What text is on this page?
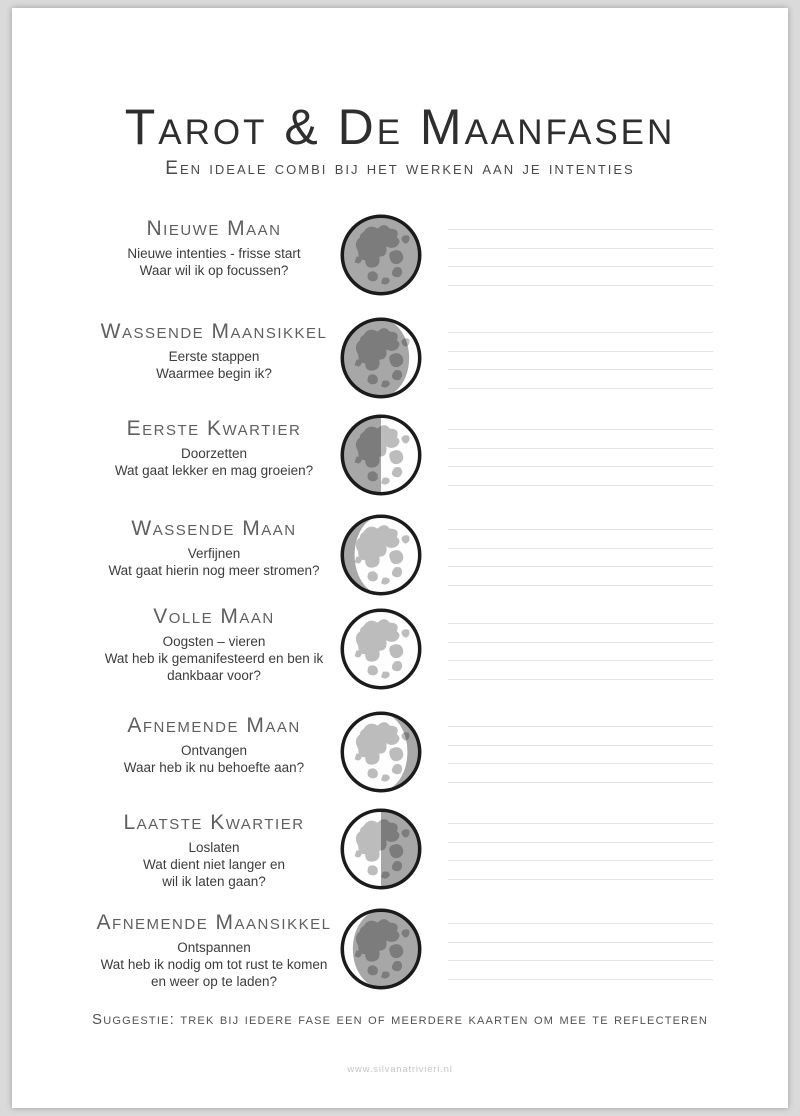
Tarot & De Maanfasen
Een ideale combi bij het werken aan je intenties
Nieuwe Maan
Nieuwe intenties - frisse start
Waar wil ik op focussen?
Wassende Maansikkel
Eerste stappen
Waarmee begin ik?
Eerste Kwartier
Doorzetten
Wat gaat lekker en mag groeien?
Wassende Maan
Verfijnen
Wat gaat hierin nog meer stromen?
Volle Maan
Oogsten – vieren
Wat heb ik gemanifesteerd en ben ik
dankbaar voor?
Afnemende Maan
Ontvangen
Waar heb ik nu behoefte aan?
Laatste Kwartier
Loslaten
Wat dient niet langer en
wil ik laten gaan?
Afnemende Maansikkel
Ontspannen
Wat heb ik nodig om tot rust te komen
en weer op te laden?
Suggestie: trek bij iedere fase een of meerdere kaarten om mee te reflecteren
www.silvanatrivieri.nl
